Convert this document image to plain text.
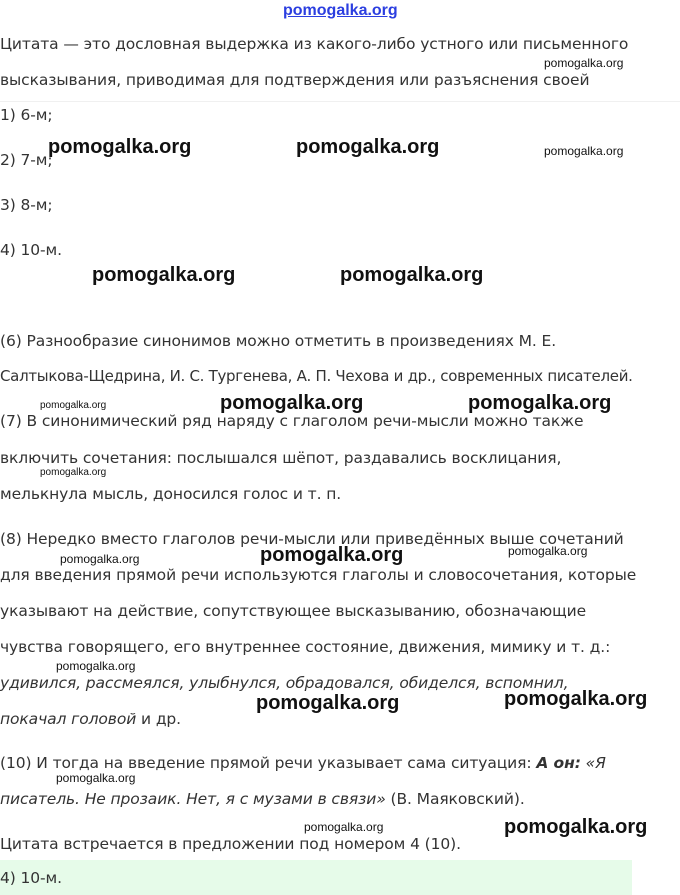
pomogalka.org
Цитата — это дословная выдержка из какого-либо устного или письменного
высказывания, приводимая для подтверждения или разъяснения своей
1) 6-м;
2) 7-м;
3) 8-м;
4) 10-м.
(6) Разнообразие синонимов можно отметить в произведениях М. Е.
Салтыкова-Щедрина, И. С. Тургенева, А. П. Чехова и др., современных писателей.
(7) В синонимический ряд наряду с глаголом речи-мысли можно также
включить сочетания: послышался шёпот, раздавались восклицания,
мелькнула мысль, доносился голос и т. п.
(8) Нередко вместо глаголов речи-мысли или приведённых выше сочетаний
для введения прямой речи используются глаголы и словосочетания, которые
указывают на действие, сопутствующее высказыванию, обозначающие
чувства говорящего, его внутреннее состояние, движения, мимику и т. д.:
удивился, рассмеялся, улыбнулся, обрадовался, обиделся, вспомнил,
покачал головой и др.
(10) И тогда на введение прямой речи указывает сама ситуация: А он: «Я
писатель. Не прозаик. Нет, я с музами в связи» (В. Маяковский).
Цитата встречается в предложении под номером 4 (10).
4) 10-м.
pomogalka.org
pomogalka.org	pomogalka.org	pomogalka.org
pomogalka.org	pomogalka.org
pomogalka.org	pomogalka.org	pomogalka.org
pomogalka.org
pomogalka.org	pomogalka.org	pomogalka.org
pomogalka.org
pomogalka.org	pomogalka.org
pomogalka.org
pomogalka.org	pomogalka.org
